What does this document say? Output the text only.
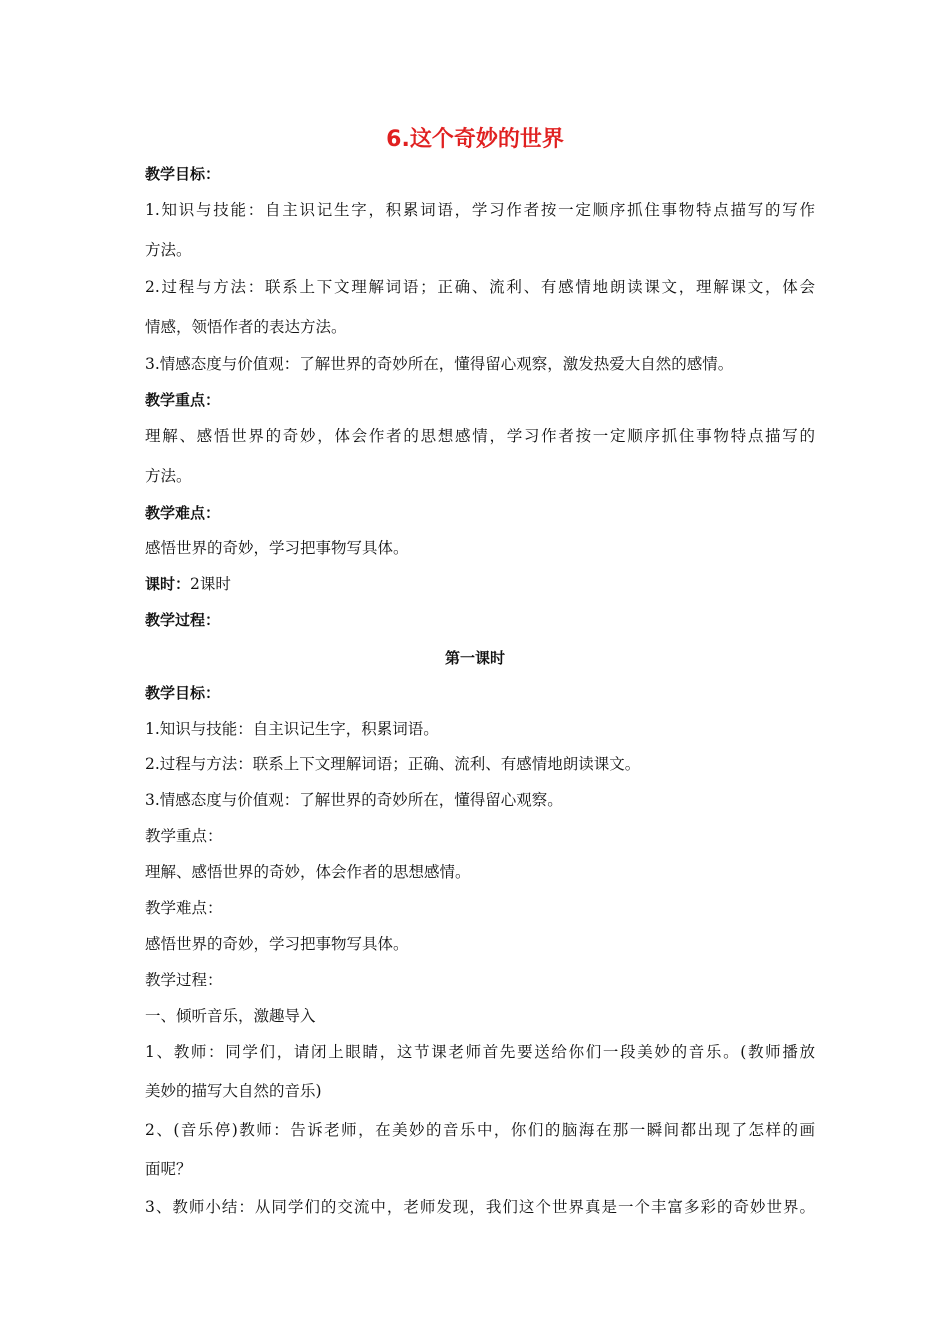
6.这个奇妙的世界
教学目标：
1.知识与技能：自主识记生字，积累词语，学习作者按一定顺序抓住事物特点描写的写作
方法。
2.过程与方法：联系上下文理解词语；正确、流利、有感情地朗读课文，理解课文，体会
情感，领悟作者的表达方法。
3.情感态度与价值观：了解世界的奇妙所在，懂得留心观察，激发热爱大自然的感情。
教学重点：
理解、感悟世界的奇妙，体会作者的思想感情，学习作者按一定顺序抓住事物特点描写的
方法。
教学难点：
感悟世界的奇妙，学习把事物写具体。
课时：2课时
教学过程：
第一课时
教学目标：
1.知识与技能：自主识记生字，积累词语。
2.过程与方法：联系上下文理解词语；正确、流利、有感情地朗读课文。
3.情感态度与价值观：了解世界的奇妙所在，懂得留心观察。
教学重点：
理解、感悟世界的奇妙，体会作者的思想感情。
教学难点：
感悟世界的奇妙，学习把事物写具体。
教学过程：
一、倾听音乐，激趣导入
1、教师：同学们，请闭上眼睛，这节课老师首先要送给你们一段美妙的音乐。(教师播放
美妙的描写大自然的音乐)
2、(音乐停)教师：告诉老师，在美妙的音乐中，你们的脑海在那一瞬间都出现了怎样的画
面呢？
3、教师小结：从同学们的交流中，老师发现，我们这个世界真是一个丰富多彩的奇妙世界。
